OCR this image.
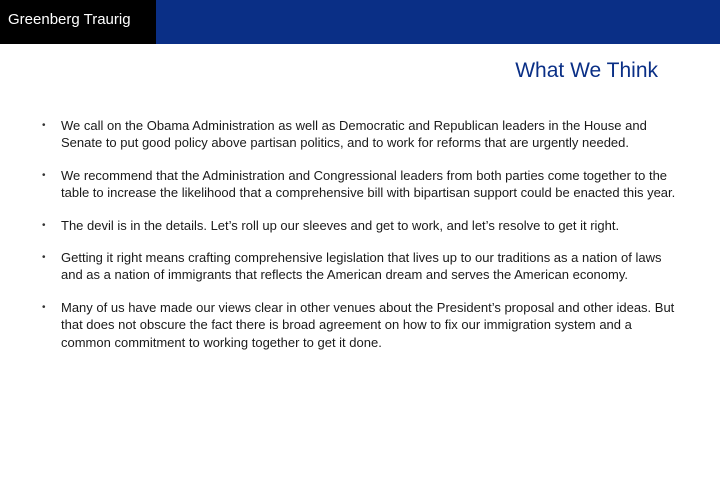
Greenberg Traurig
What We Think
• We call on the Obama Administration as well as Democratic and Republican leaders in the House and Senate to put good policy above partisan politics, and to work for reforms that are urgently needed.
• We recommend that the Administration and Congressional leaders from both parties come together to the table to increase the likelihood that a comprehensive bill with bipartisan support could be enacted this year.
• The devil is in the details. Let’s roll up our sleeves and get to work, and let’s resolve to get it right.
• Getting it right means crafting comprehensive legislation that lives up to our traditions as a nation of laws and as a nation of immigrants that reflects the American dream and serves the American economy.
• Many of us have made our views clear in other venues about the President’s proposal and other ideas. But that does not obscure the fact there is broad agreement on how to fix our immigration system and a common commitment to working together to get it done.
